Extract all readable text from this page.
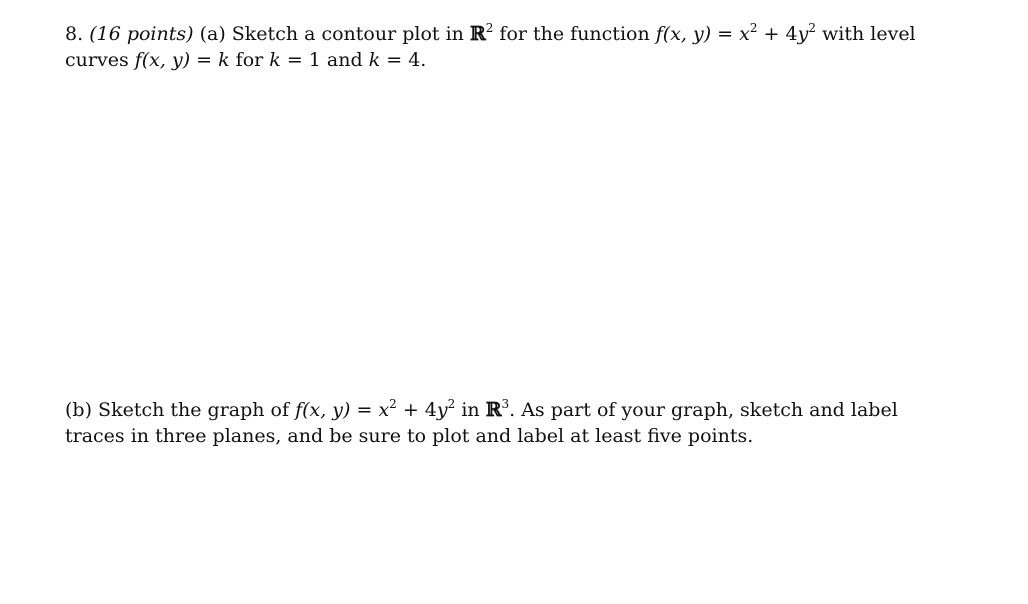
8. (16 points) (a) Sketch a contour plot in ℝ$^2$ for the function f(x, $y) = x^2 + 4y^2$ with level
curves f(x, y) = k for k = 1 and k = 4.
(b) Sketch the graph of f(x, $y) = x^2 + 4y^2$ in ℝ$^3$. As part of your graph, sketch and label
traces in three planes, and be sure to plot and label at least five points.
